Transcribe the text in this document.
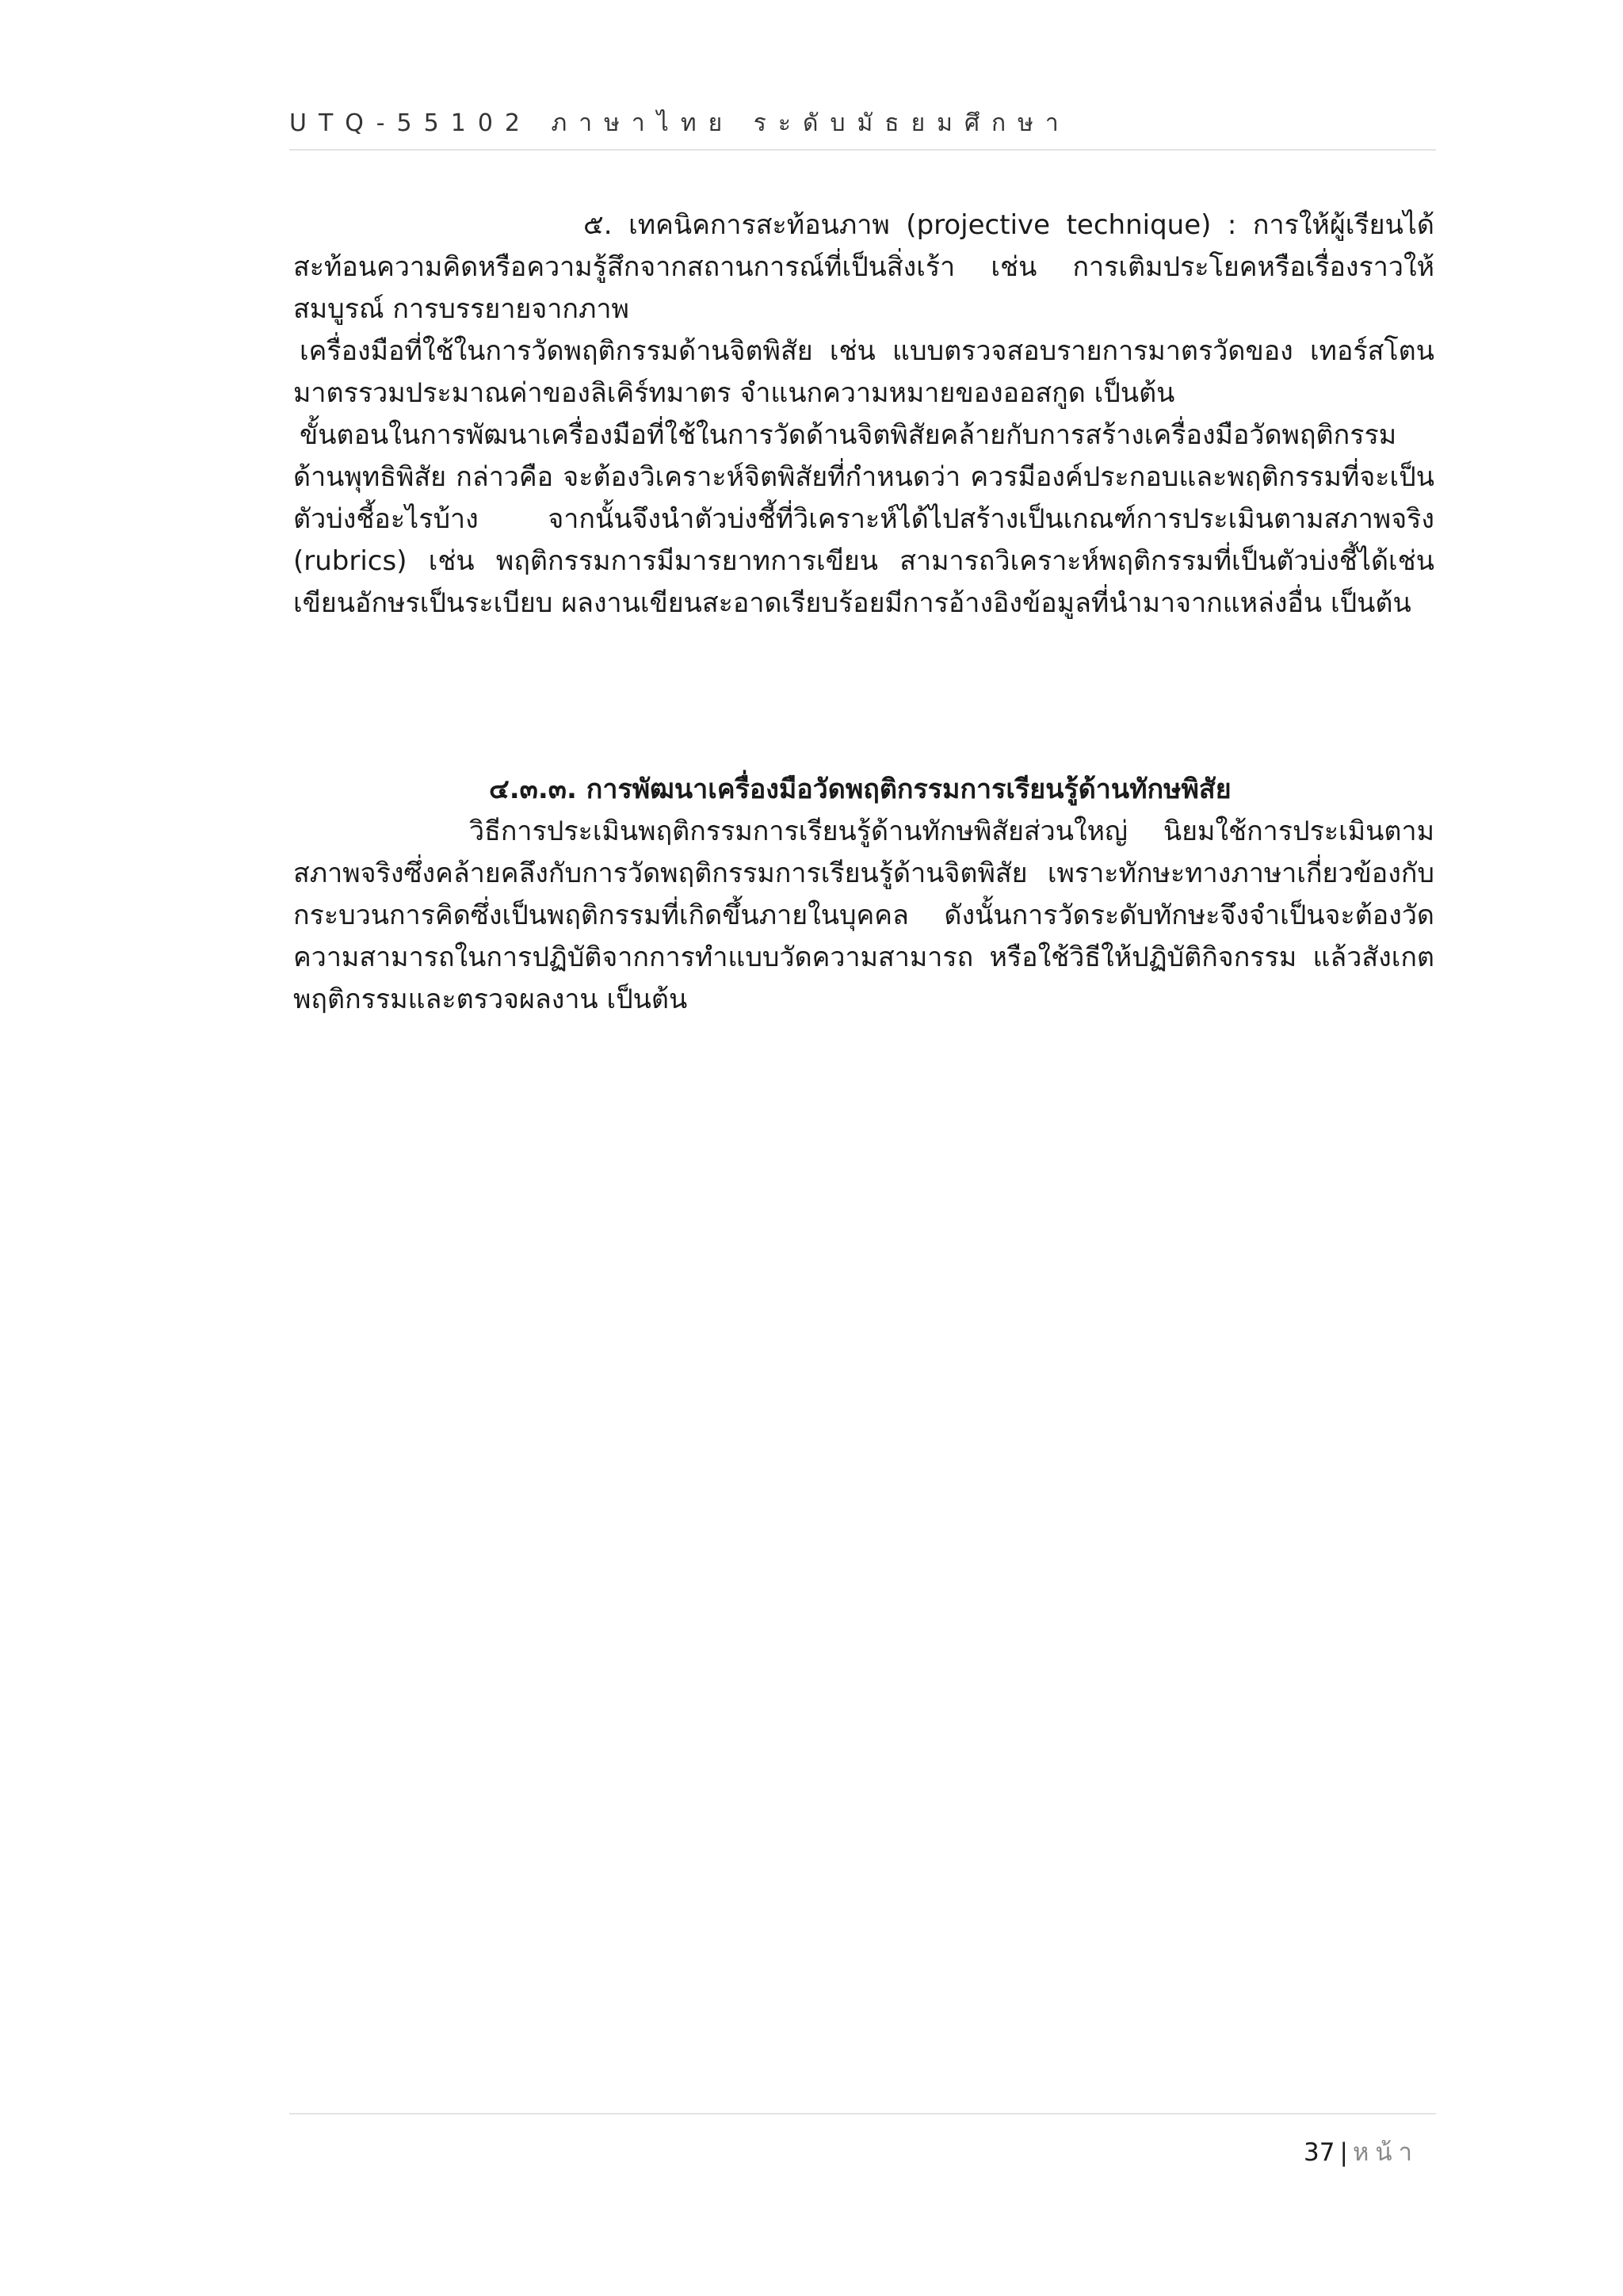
UTQ-55102 ภาษาไทย ระดับมัธยมศึกษา

๕. เทคนิคการสะท้อนภาพ (projective technique) : การให้ผู้เรียนได้สะท้อนความคิดหรือความรู้สึกจากสถานการณ์ที่เป็นสิ่งเร้า เช่น การเติมประโยคหรือเรื่องราวให้สมบูรณ์ การบรรยายจากภาพ

เครื่องมือที่ใช้ในการวัดพฤติกรรมด้านจิตพิสัย เช่น แบบตรวจสอบรายการมาตรวัดของ เทอร์สโตน มาตรรวมประมาณค่าของลิเคิร์ทมาตร จำแนกความหมายของออสกูด เป็นต้น

ขั้นตอนในการพัฒนาเครื่องมือที่ใช้ในการวัดด้านจิตพิสัยคล้ายกับการสร้างเครื่องมือวัดพฤติกรรมด้านพุทธิพิสัย กล่าวคือ จะต้องวิเคราะห์จิตพิสัยที่กำหนดว่า ควรมีองค์ประกอบและพฤติกรรมที่จะเป็นตัวบ่งชี้อะไรบ้าง จากนั้นจึงนำตัวบ่งชี้ที่วิเคราะห์ได้ไปสร้างเป็นเกณฑ์การประเมินตามสภาพจริง (rubrics) เช่น พฤติกรรมการมีมารยาทการเขียน สามารถวิเคราะห์พฤติกรรมที่เป็นตัวบ่งชี้ได้เช่น เขียนอักษรเป็นระเบียบ ผลงานเขียนสะอาดเรียบร้อยมีการอ้างอิงข้อมูลที่นำมาจากแหล่งอื่น เป็นต้น

๔.๓.๓. การพัฒนาเครื่องมือวัดพฤติกรรมการเรียนรู้ด้านทักษพิสัย

วิธีการประเมินพฤติกรรมการเรียนรู้ด้านทักษพิสัยส่วนใหญ่ นิยมใช้การประเมินตามสภาพจริงซึ่งคล้ายคลึงกับการวัดพฤติกรรมการเรียนรู้ด้านจิตพิสัย เพราะทักษะทางภาษาเกี่ยวข้องกับกระบวนการคิดซึ่งเป็นพฤติกรรมที่เกิดขึ้นภายในบุคคล ดังนั้นการวัดระดับทักษะจึงจำเป็นจะต้องวัดความสามารถในการปฏิบัติจากการทำแบบวัดความสามารถ หรือใช้วิธีให้ปฏิบัติกิจกรรม แล้วสังเกตพฤติกรรมและตรวจผลงาน เป็นต้น

37 | หน้า
